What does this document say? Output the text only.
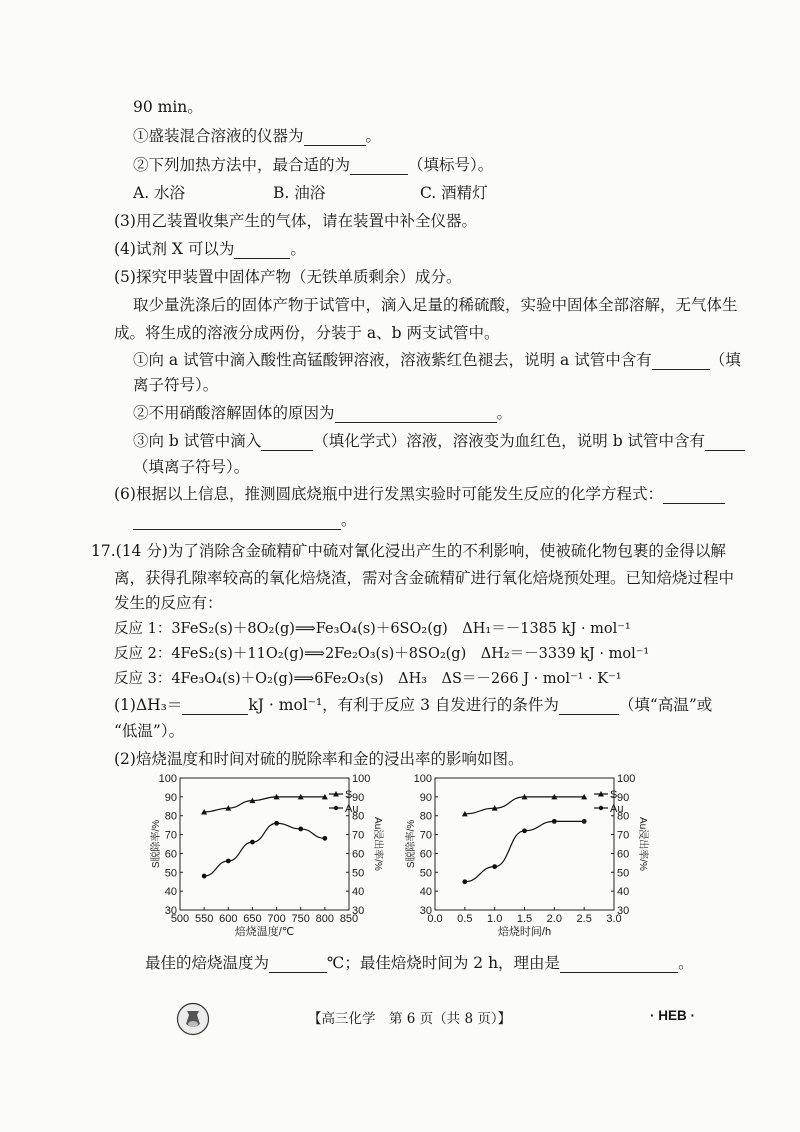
90 min。
①盛装混合溶液的仪器为	。
②下列加热方法中，最合适的为	（填标号）。
A. 水浴	B. 油浴	C. 酒精灯
(3)用乙装置收集产生的气体，请在装置中补全仪器。
(4)试剂 X 可以为	。
(5)探究甲装置中固体产物（无铁单质剩余）成分。
取少量洗涤后的固体产物于试管中，滴入足量的稀硫酸，实验中固体全部溶解，无气体生
成。将生成的溶液分成两份，分装于 a、b 两支试管中。
①向 a 试管中滴入酸性高锰酸钾溶液，溶液紫红色褪去，说明 a 试管中含有	（填
离子符号）。
②不用硝酸溶解固体的原因为	。
③向 b 试管中滴入	（填化学式）溶液，溶液变为血红色，说明 b 试管中含有
（填离子符号）。
(6)根据以上信息，推测圆底烧瓶中进行发黑实验时可能发生反应的化学方程式：
。
17.(14 分)为了消除含金硫精矿中硫对氰化浸出产生的不利影响，使被硫化物包裹的金得以解
离，获得孔隙率较高的氧化焙烧渣，需对含金硫精矿进行氧化焙烧预处理。已知焙烧过程中
发生的反应有：
反应 1：3FeS₂(s)＋8O₂(g)⟹Fe₃O₄(s)＋6SO₂(g)　ΔH₁＝－1385 kJ · mol⁻¹
反应 2：4FeS₂(s)＋11O₂(g)⟹2Fe₂O₃(s)＋8SO₂(g)　ΔH₂＝－3339 kJ · mol⁻¹
反应 3：4Fe₃O₄(s)＋O₂(g)⟹6Fe₂O₃(s)　ΔH₃　ΔS＝－266 J · mol⁻¹ · K⁻¹
(1)ΔH₃＝	kJ · mol⁻¹，有利于反应 3 自发进行的条件为	（填“高温”或
“低温”）。
(2)焙烧温度和时间对硫的脱除率和金的浸出率的影响如图。
30	30
40	40
50	50
60	60
70	70
80	80
90	90
100	100
500 550 600 650 700 750 800 850
焙烧温度/℃
S脱除率/%	Au浸出率/%
S
Au
30	30
40	40
50	50
60	60
70	70
80	80
90	90
100	100
0.0 0.5 1.0 1.5 2.0 2.5 3.0
焙烧时间/h
S脱除率/%	Au浸出率/%
S
Au
最佳的焙烧温度为	℃；最佳焙烧时间为 2 h，理由是	。
【高三化学　第 6 页（共 8 页）】	· HEB ·
